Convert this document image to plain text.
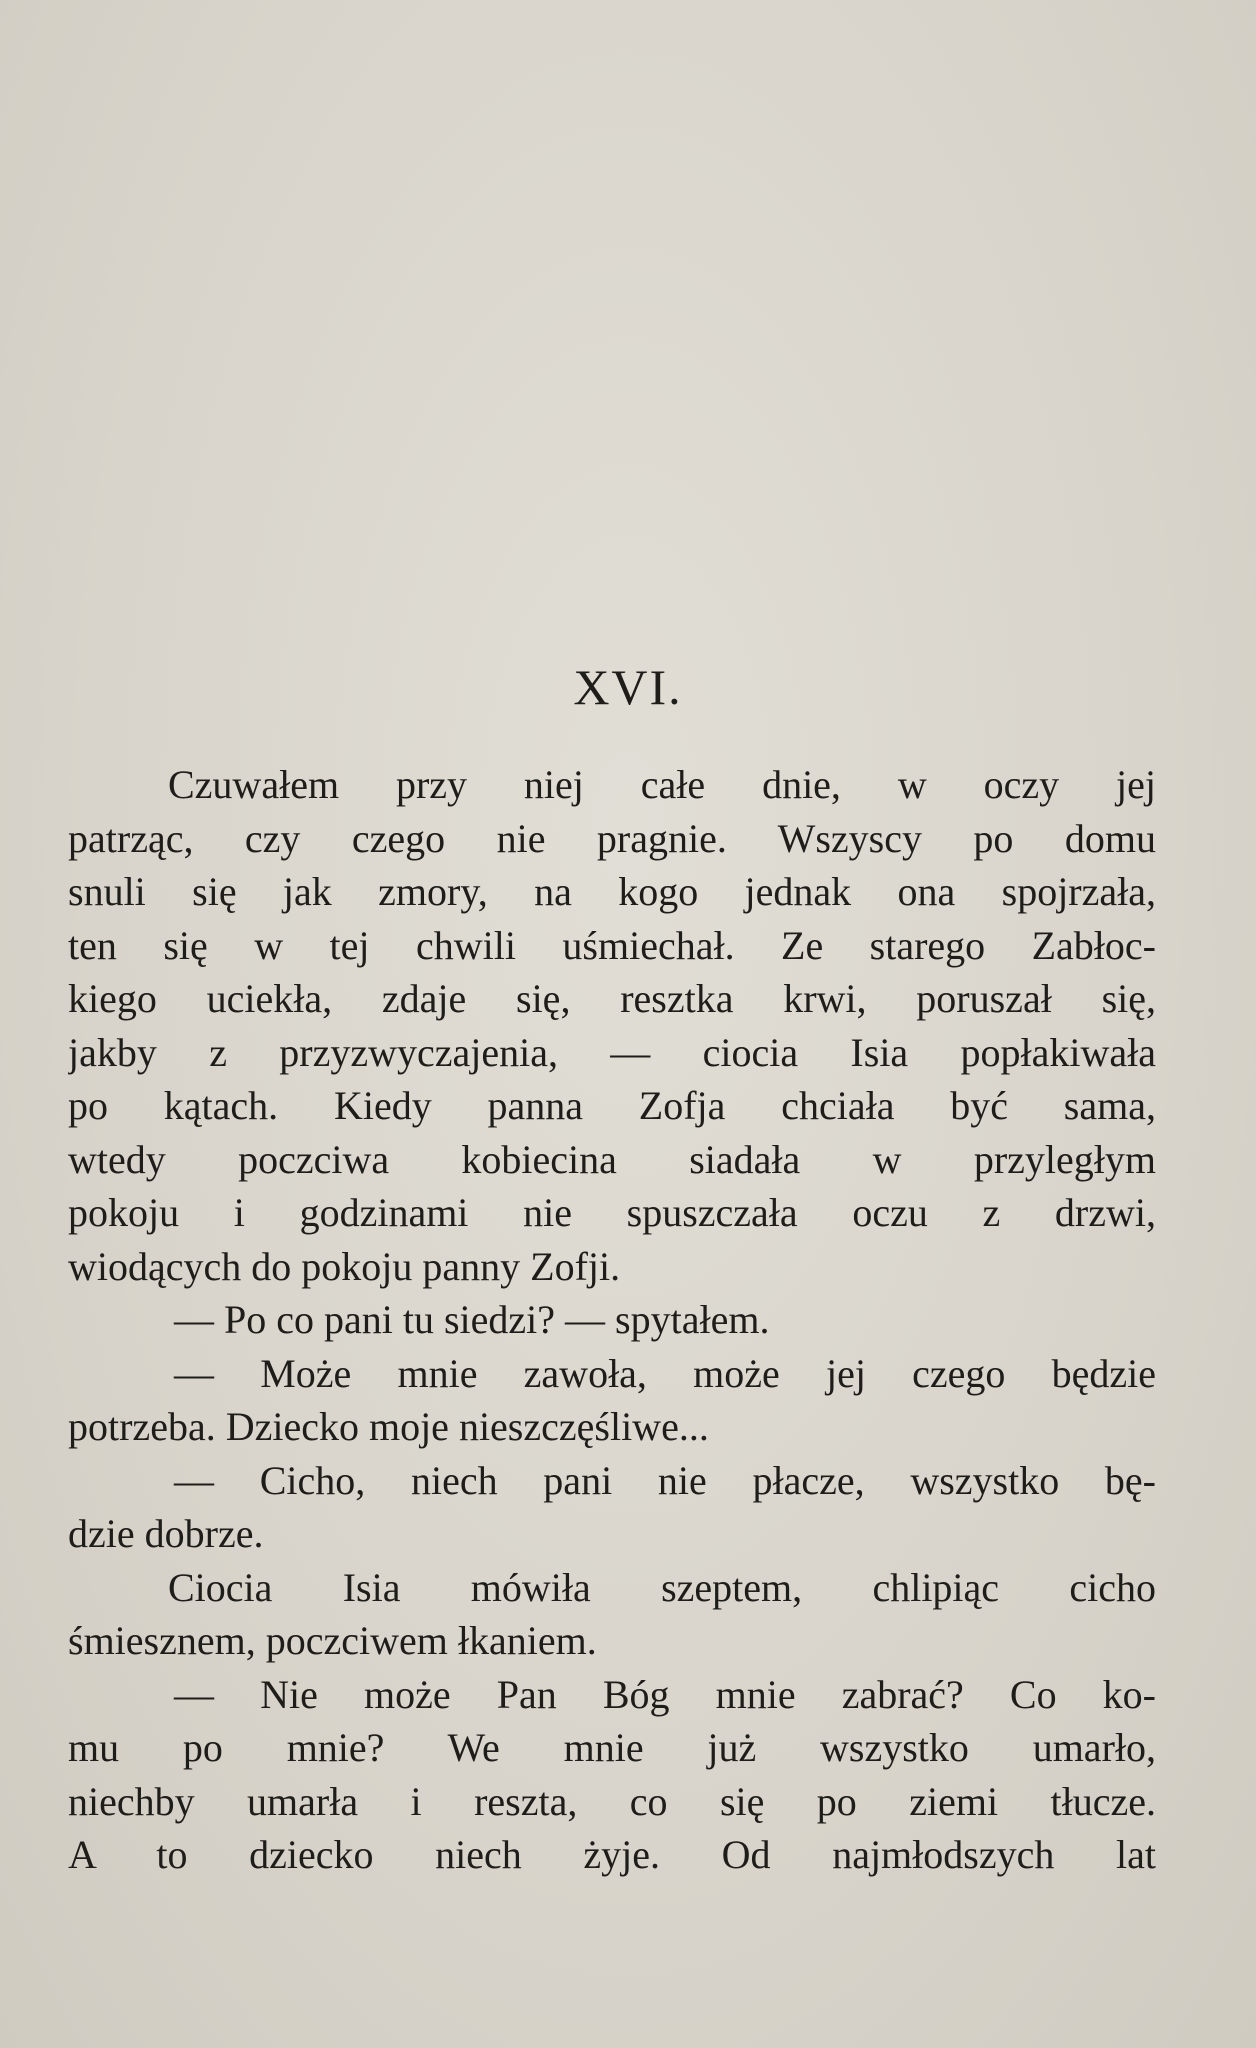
XVI.
Czuwałem przy niej całe dnie, w oczy jej
patrząc, czy czego nie pragnie. Wszyscy po domu
snuli się jak zmory, na kogo jednak ona spojrzała,
ten się w tej chwili uśmiechał. Ze starego Zabłoc-
kiego uciekła, zdaje się, resztka krwi, poruszał się,
jakby z przyzwyczajenia, — ciocia Isia popłakiwała
po kątach. Kiedy panna Zofja chciała być sama,
wtedy poczciwa kobiecina siadała w przyległym
pokoju i godzinami nie spuszczała oczu z drzwi,
wiodących do pokoju panny Zofji.
— Po co pani tu siedzi? — spytałem.
— Może mnie zawoła, może jej czego będzie
potrzeba. Dziecko moje nieszczęśliwe...
— Cicho, niech pani nie płacze, wszystko bę-
dzie dobrze.
Ciocia Isia mówiła szeptem, chlipiąc cicho
śmiesznem, poczciwem łkaniem.
— Nie może Pan Bóg mnie zabrać? Co ko-
mu po mnie? We mnie już wszystko umarło,
niechby umarła i reszta, co się po ziemi tłucze.
A to dziecko niech żyje. Od najmłodszych lat
